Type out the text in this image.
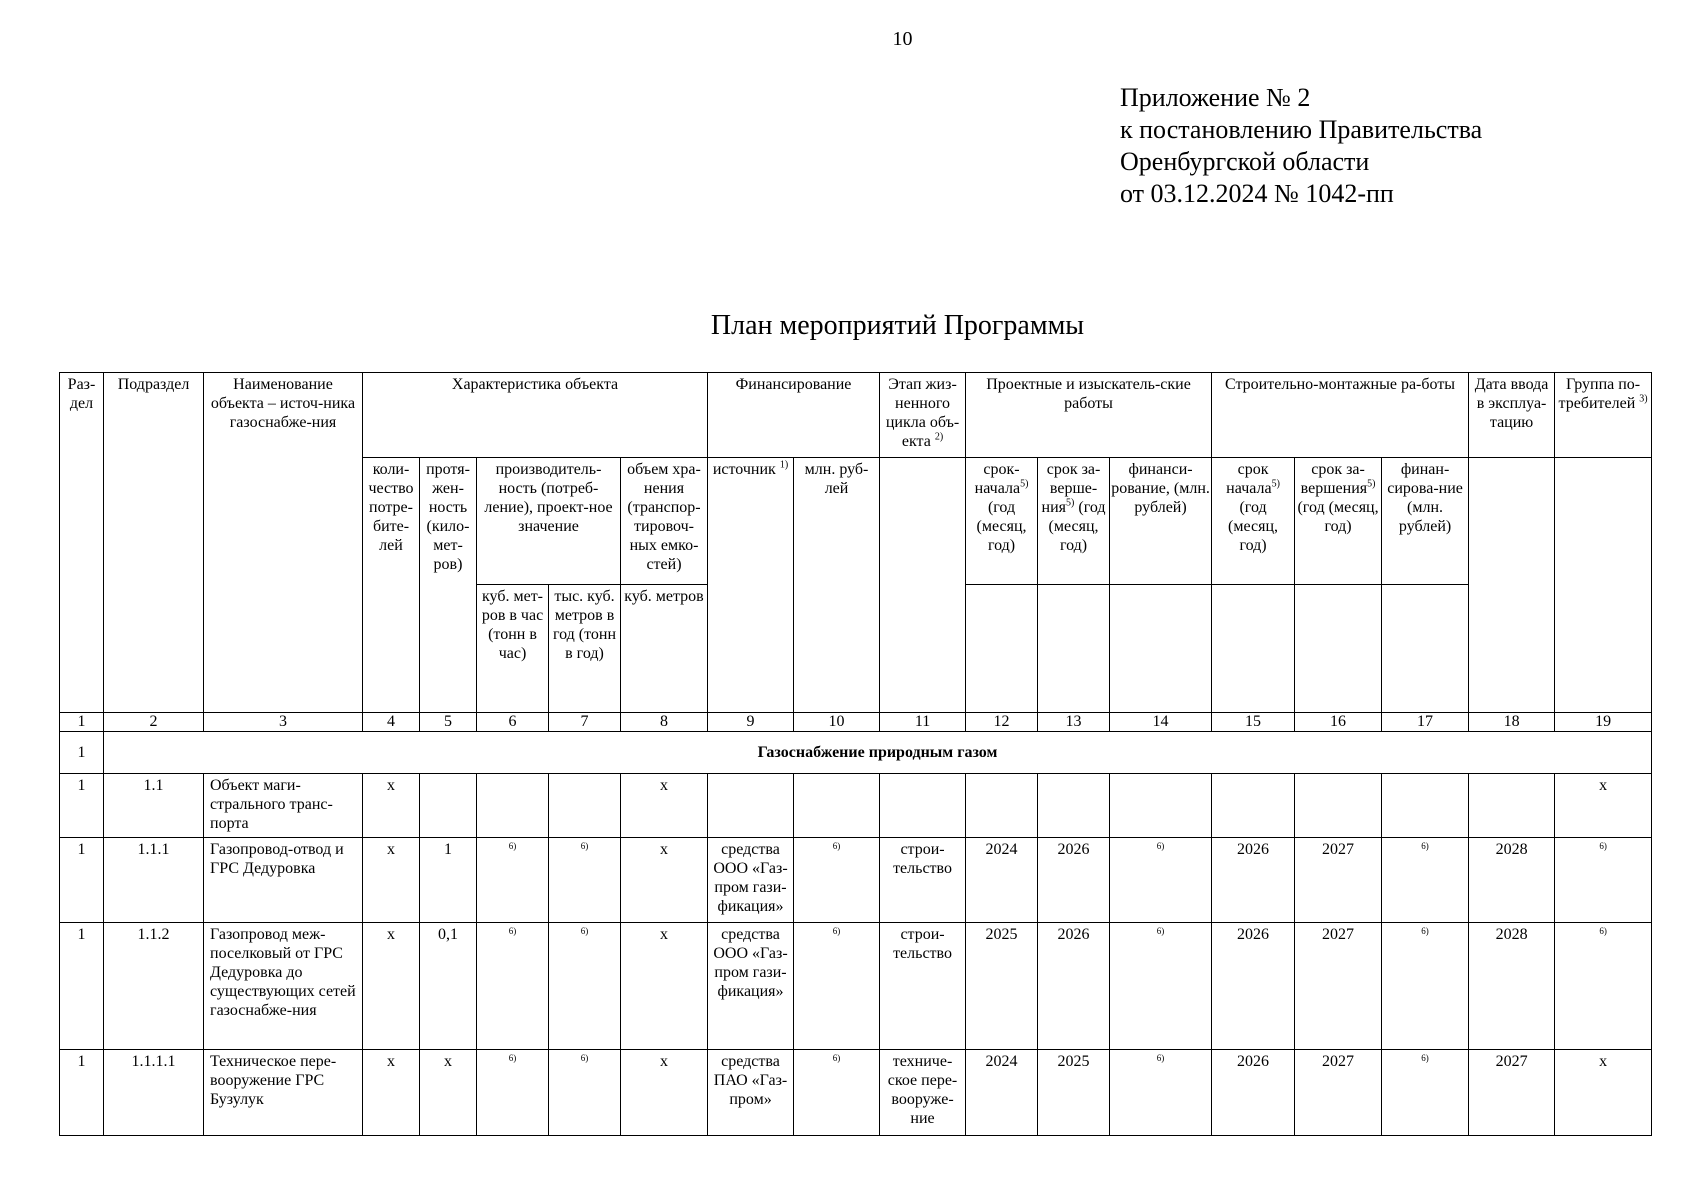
10
Приложение № 2
к постановлению Правительства
Оренбургской области
от 03.12.2024 № 1042-пп
План мероприятий Программы
Раз-дел	Подраздел	Наименование объекта – источ-ника газоснабже-ния	Характеристика объекта					Финансирование		Этап жиз-ненного цикла объ-екта $^{2)}$	Проектные и изыскатель-ские работы			Строительно-монтажные ра-боты			Дата ввода в эксплуа-тацию	Группа по-требителей $^{3)}$
			коли-чество потре-бите-лей	протя-жен-ность (кило-мет-ров)	производитель-ность (потреб-ление), проект-ное значение		объем хра-нения (транспор-тировоч-ных емко-стей)	источник $^{1)}$	млн. руб-лей		срок-начала$^{5)}$ (год (месяц, год)	срок за-верше-ния$^{5)}$ (год (месяц, год)	финанси-рование, (млн. рублей)	срок начала$^{5)}$ (год (месяц, год)	срок за-вершения$^{5)}$ (год (месяц, год)	финан-сирова-ние (млн. рублей)		
					куб. мет-ров в час (тонн в час)	тыс. куб. метров в год (тонн в год)	куб. метров											
1	2	3	4	5	6	7	8	9	10	11	12	13	14	15	16	17	18	19
1	Газоснабжение природным газом																	
1	1.1	Объект маги-стрального транс-порта	х				х											х
1	1.1.1	Газопровод-отвод и ГРС Дедуровка	х	1	$^{6)}$	$^{6)}$	х	средства ООО «Газ-пром гази-фикация»	$^{6)}$	строи-тельство	2024	2026	$^{6)}$	2026	2027	$^{6)}$	2028	$^{6)}$
1	1.1.2	Газопровод меж-поселковый от ГРС Дедуровка до существующих сетей газоснабже-ния	х	0,1	$^{6)}$	$^{6)}$	х	средства ООО «Газ-пром гази-фикация»	$^{6)}$	строи-тельство	2025	2026	$^{6)}$	2026	2027	$^{6)}$	2028	$^{6)}$
1	1.1.1.1	Техническое пере-вооружение ГРС Бузулук	х	х	$^{6)}$	$^{6)}$	х	средства ПАО «Газ-пром»	$^{6)}$	техниче-ское пере-вооруже-ние	2024	2025	$^{6)}$	2026	2027	$^{6)}$	2027	х
